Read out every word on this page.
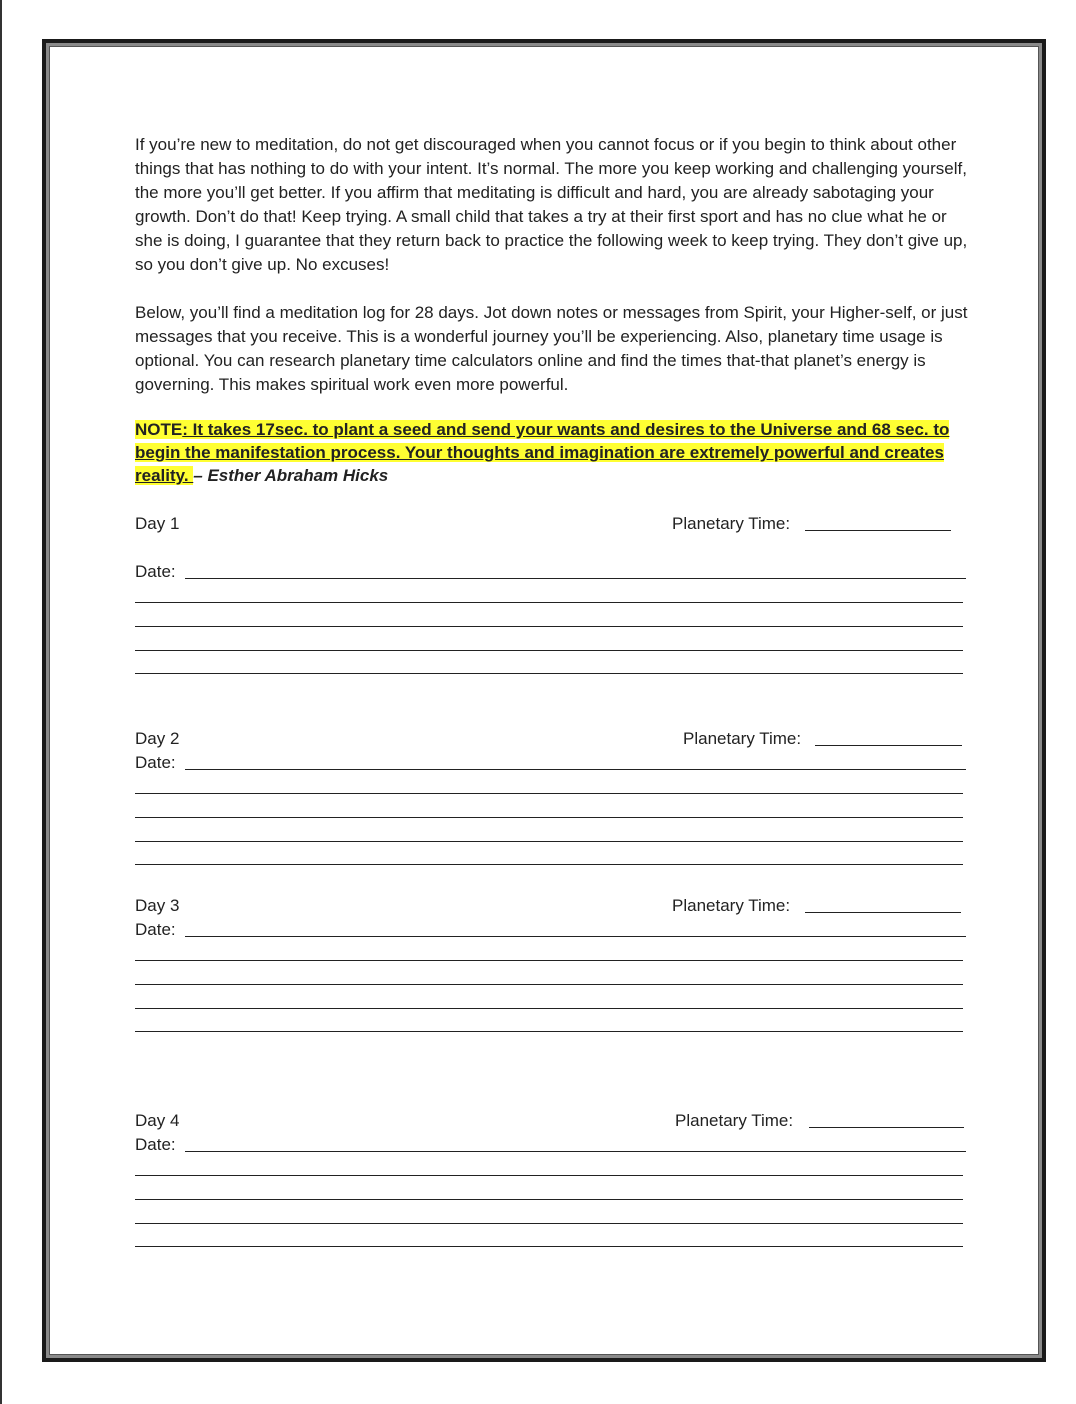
If you’re new to meditation, do not get discouraged when you cannot focus or if you begin to think about other things that has nothing to do with your intent. It’s normal. The more you keep working and challenging yourself, the more you’ll get better. If you affirm that meditating is difficult and hard, you are already sabotaging your growth. Don’t do that! Keep trying. A small child that takes a try at their first sport and has no clue what he or she is doing, I guarantee that they return back to practice the following week to keep trying. They don’t give up, so you don’t give up. No excuses!

Below, you’ll find a meditation log for 28 days. Jot down notes or messages from Spirit, your Higher-self, or just messages that you receive. This is a wonderful journey you’ll be experiencing. Also, planetary time usage is optional. You can research planetary time calculators online and find the times that-that planet’s energy is governing. This makes spiritual work even more powerful.

NOTE: It takes 17sec. to plant a seed and send your wants and desires to the Universe and 68 sec. to
begin the manifestation process. Your thoughts and imagination are extremely powerful and creates
reality. – Esther Abraham Hicks
Day 1	Planetary Time:
Date:
Day 2	Planetary Time:
Date:
Day 3	Planetary Time:
Date:
Day 4	Planetary Time:
Date:
